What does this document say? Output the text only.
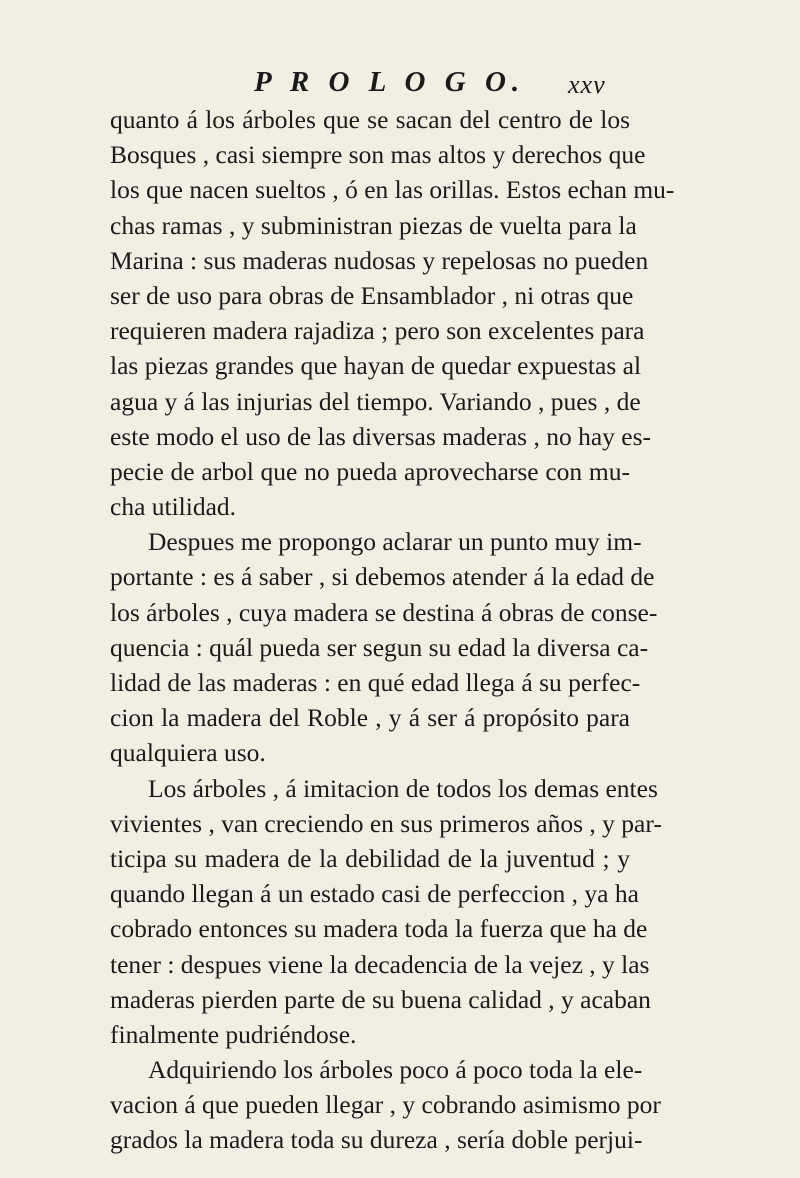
P R O L O G O. xxv
quanto á los árboles que se sacan del centro de los
Bosques , casi siempre son mas altos y derechos que
los que nacen sueltos , ó en las orillas. Estos echan mu-
chas ramas , y subministran piezas de vuelta para la
Marina : sus maderas nudosas y repelosas no pueden
ser de uso para obras de Ensamblador , ni otras que
requieren madera rajadiza ; pero son excelentes para
las piezas grandes que hayan de quedar expuestas al
agua y á las injurias del tiempo. Variando , pues , de
este modo el uso de las diversas maderas , no hay es-
pecie de arbol que no pueda aprovecharse con mu-
cha utilidad.
Despues me propongo aclarar un punto muy im-
portante : es á saber , si debemos atender á la edad de
los árboles , cuya madera se destina á obras de conse-
quencia : quál pueda ser segun su edad la diversa ca-
lidad de las maderas : en qué edad llega á su perfec-
cion la madera del Roble , y á ser á propósito para
qualquiera uso.
Los árboles , á imitacion de todos los demas entes
vivientes , van creciendo en sus primeros años , y par-
ticipa su madera de la debilidad de la juventud ; y
quando llegan á un estado casi de perfeccion , ya ha
cobrado entonces su madera toda la fuerza que ha de
tener : despues viene la decadencia de la vejez , y las
maderas pierden parte de su buena calidad , y acaban
finalmente pudriéndose.
Adquiriendo los árboles poco á poco toda la ele-
vacion á que pueden llegar , y cobrando asimismo por
grados la madera toda su dureza , sería doble perjui-
